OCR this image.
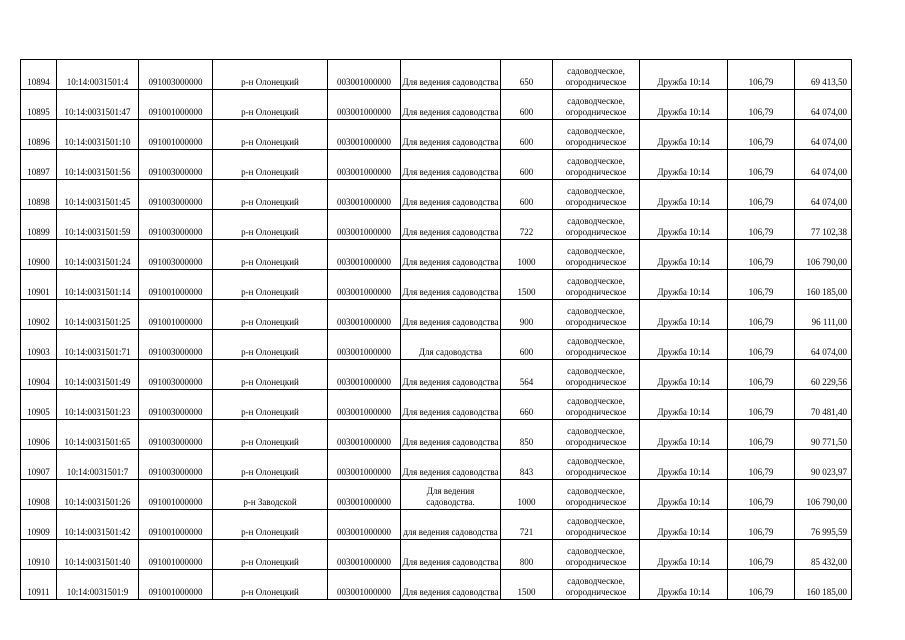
10894	10:14:0031501:4	091003000000	р-н Олонецкий	003001000000	Для ведения садоводства	650	садоводческое, огородническое	Дружба 10:14	106,79	69 413,50
10895	10:14:0031501:47	091001000000	р-н Олонецкий	003001000000	Для ведения садоводства	600	садоводческое, огородническое	Дружба 10:14	106,79	64 074,00
10896	10:14:0031501:10	091001000000	р-н Олонецкий	003001000000	Для ведения садоводства	600	садоводческое, огородническое	Дружба 10:14	106,79	64 074,00
10897	10:14:0031501:56	091003000000	р-н Олонецкий	003001000000	Для ведения садоводства	600	садоводческое, огородническое	Дружба 10:14	106,79	64 074,00
10898	10:14:0031501:45	091003000000	р-н Олонецкий	003001000000	Для ведения садоводства	600	садоводческое, огородническое	Дружба 10:14	106,79	64 074,00
10899	10:14:0031501:59	091003000000	р-н Олонецкий	003001000000	Для ведения садоводства	722	садоводческое, огородническое	Дружба 10:14	106,79	77 102,38
10900	10:14:0031501:24	091003000000	р-н Олонецкий	003001000000	Для ведения садоводства	1000	садоводческое, огородническое	Дружба 10:14	106,79	106 790,00
10901	10:14:0031501:14	091001000000	р-н Олонецкий	003001000000	Для ведения садоводства	1500	садоводческое, огородническое	Дружба 10:14	106,79	160 185,00
10902	10:14:0031501:25	091001000000	р-н Олонецкий	003001000000	Для ведения садоводства	900	садоводческое, огородническое	Дружба 10:14	106,79	96 111,00
10903	10:14:0031501:71	091003000000	р-н Олонецкий	003001000000	Для садоводства	600	садоводческое, огородническое	Дружба 10:14	106,79	64 074,00
10904	10:14:0031501:49	091003000000	р-н Олонецкий	003001000000	Для ведения садоводства	564	садоводческое, огородническое	Дружба 10:14	106,79	60 229,56
10905	10:14:0031501:23	091003000000	р-н Олонецкий	003001000000	Для ведения садоводства	660	садоводческое, огородническое	Дружба 10:14	106,79	70 481,40
10906	10:14:0031501:65	091003000000	р-н Олонецкий	003001000000	Для ведения садоводства	850	садоводческое, огородническое	Дружба 10:14	106,79	90 771,50
10907	10:14:0031501:7	091003000000	р-н Олонецкий	003001000000	Для ведения садоводства	843	садоводческое, огородническое	Дружба 10:14	106,79	90 023,97
10908	10:14:0031501:26	091001000000	р-н Заводской	003001000000	Для ведения садоводства.	1000	садоводческое, огородническое	Дружба 10:14	106,79	106 790,00
10909	10:14:0031501:42	091001000000	р-н Олонецкий	003001000000	для ведения садоводства	721	садоводческое, огородническое	Дружба 10:14	106,79	76 995,59
10910	10:14:0031501:40	091001000000	р-н Олонецкий	003001000000	Для ведения садоводства	800	садоводческое, огородническое	Дружба 10:14	106,79	85 432,00
10911	10:14:0031501:9	091001000000	р-н Олонецкий	003001000000	Для ведения садоводства	1500	садоводческое, огородническое	Дружба 10:14	106,79	160 185,00
